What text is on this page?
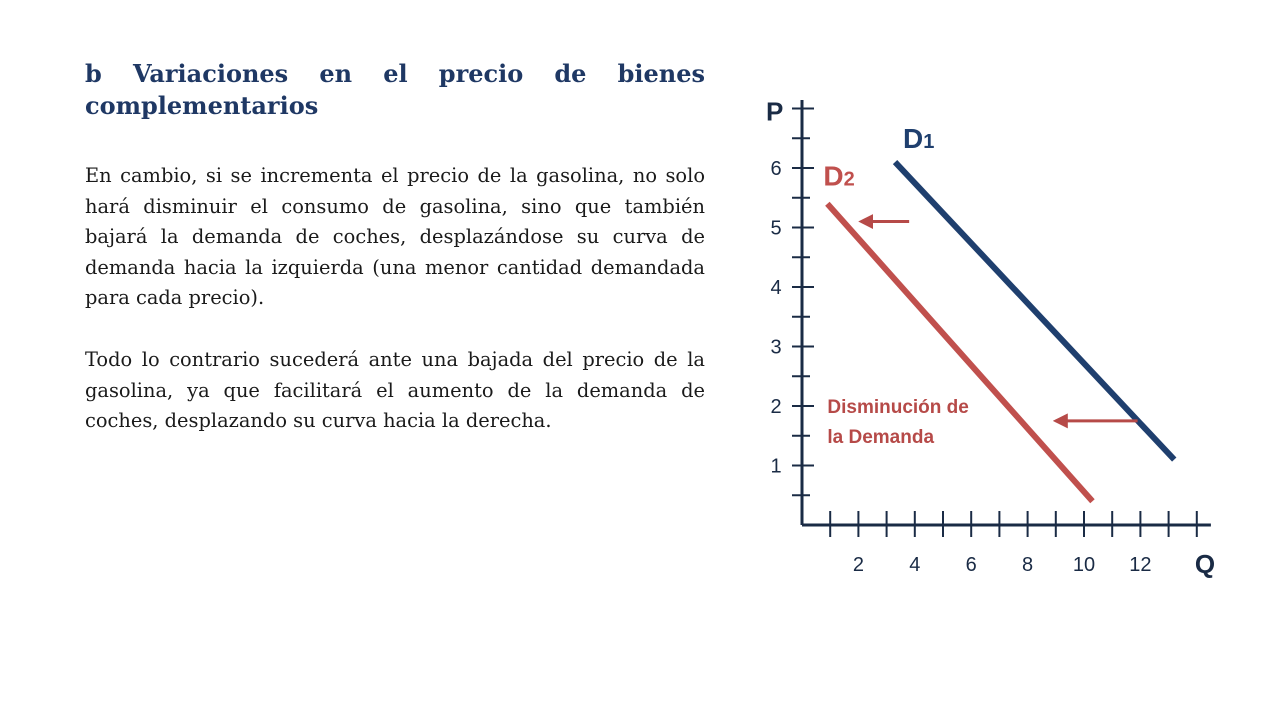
b Variaciones en el precio de bienes complementarios

En cambio, si se incrementa el precio de la gasolina, no solo hará disminuir el consumo de gasolina, sino que también bajará la demanda de coches, desplazándose su curva de demanda hacia la izquierda (una menor cantidad demandada para cada precio).

Todo lo contrario sucederá ante una bajada del precio de la gasolina, ya que facilitará el aumento de la demanda de coches, desplazando su curva hacia la derecha.

1
2
3
4
5
6
2 4 6 8 10 12
P
Q
D1
D2
Disminución de
la Demanda
